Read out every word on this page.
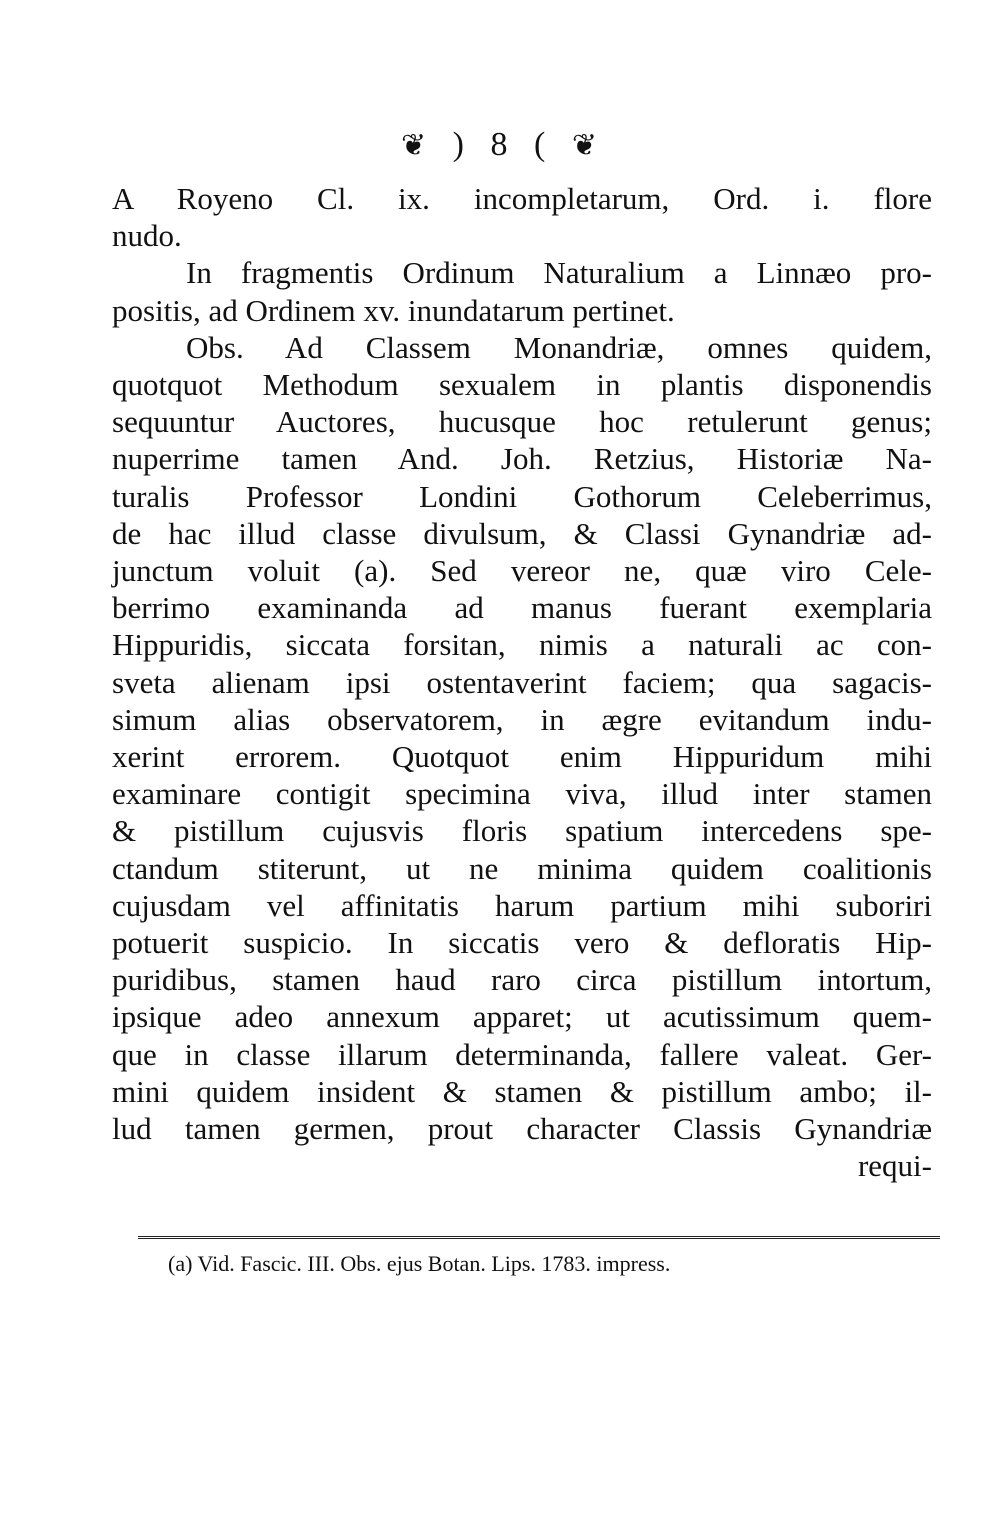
❦ ) 8 ( ❦
A Royeno Cl. ix. incompletarum, Ord. i. flore
nudo.
In fragmentis Ordinum Naturalium a Linnæo pro-
positis, ad Ordinem xv. inundatarum pertinet.
Obs. Ad Classem Monandriæ, omnes quidem,
quotquot Methodum sexualem in plantis disponendis
sequuntur Auctores, hucusque hoc retulerunt genus;
nuperrime tamen And. Joh. Retzius, Historiæ Na-
turalis Professor Londini Gothorum Celeberrimus,
de hac illud classe divulsum, & Classi Gynandriæ ad-
junctum voluit (a). Sed vereor ne, quæ viro Cele-
berrimo examinanda ad manus fuerant exemplaria
Hippuridis, siccata forsitan, nimis a naturali ac con-
sveta alienam ipsi ostentaverint faciem; qua sagacis-
simum alias observatorem, in ægre evitandum indu-
xerint errorem. Quotquot enim Hippuridum mihi
examinare contigit specimina viva, illud inter stamen
& pistillum cujusvis floris spatium intercedens spe-
ctandum stiterunt, ut ne minima quidem coalitionis
cujusdam vel affinitatis harum partium mihi suboriri
potuerit suspicio. In siccatis vero & defloratis Hip-
puridibus, stamen haud raro circa pistillum intortum,
ipsique adeo annexum apparet; ut acutissimum quem-
que in classe illarum determinanda, fallere valeat. Ger-
mini quidem insident & stamen & pistillum ambo; il-
lud tamen germen, prout character Classis Gynandriæ
requi-
(a) Vid. Fascic. III. Obs. ejus Botan. Lips. 1783. impress.
